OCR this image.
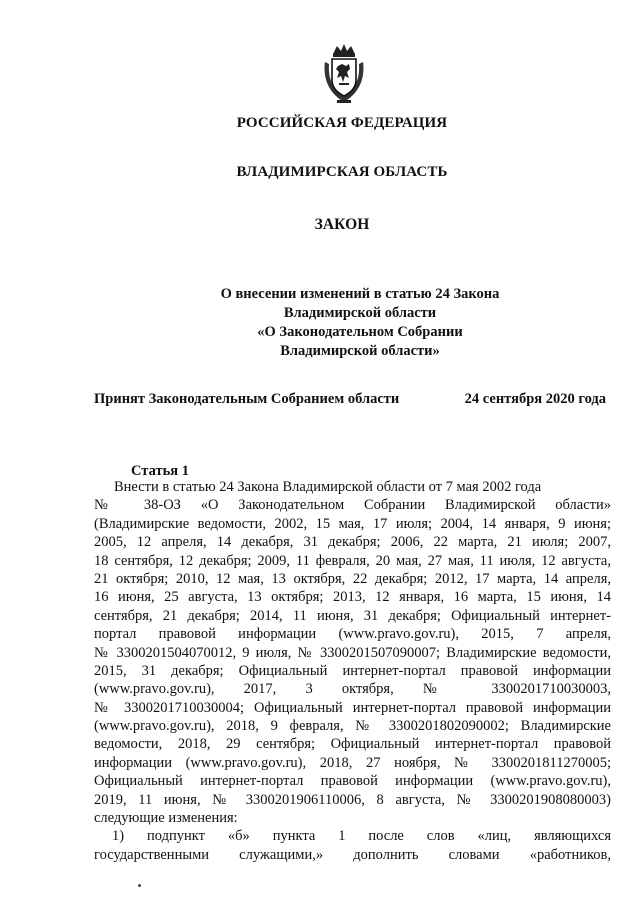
РОССИЙСКАЯ ФЕДЕРАЦИЯ
ВЛАДИМИРСКАЯ ОБЛАСТЬ
ЗАКОН
О внесении изменений в статью 24 Закона
Владимирской области
«О Законодательном Собрании
Владимирской области»
Принят Законодательным Собранием области	24 сентября 2020 года
Статья 1
Внести в статью 24 Закона Владимирской области от 7 мая 2002 года
№ 38-ОЗ «О Законодательном Собрании Владимирской области»
(Владимирские ведомости, 2002, 15 мая, 17 июля; 2004, 14 января, 9 июня;
2005, 12 апреля, 14 декабря, 31 декабря; 2006, 22 марта, 21 июля; 2007,
18 сентября, 12 декабря; 2009, 11 февраля, 20 мая, 27 мая, 11 июля, 12 августа,
21 октября; 2010, 12 мая, 13 октября, 22 декабря; 2012, 17 марта, 14 апреля,
16 июня, 25 августа, 13 октября; 2013, 12 января, 16 марта, 15 июня, 14
сентября, 21 декабря; 2014, 11 июня, 31 декабря; Официальный интернет-
портал правовой информации (www.pravo.gov.ru), 2015, 7 апреля,
№ 3300201504070012, 9 июля, № 3300201507090007; Владимирские ведомости,
2015, 31 декабря; Официальный интернет-портал правовой информации
(www.pravo.gov.ru), 2017, 3 октября, № 3300201710030003,
№ 3300201710030004; Официальный интернет-портал правовой информации
(www.pravo.gov.ru), 2018, 9 февраля, № 3300201802090002; Владимирские
ведомости, 2018, 29 сентября; Официальный интернет-портал правовой
информации (www.pravo.gov.ru), 2018, 27 ноября, № 3300201811270005;
Официальный интернет-портал правовой информации (www.pravo.gov.ru),
2019, 11 июня, № 3300201906110006, 8 августа, № 3300201908080003)
следующие изменения:
1) подпункт «б» пункта 1 после слов «лиц, являющихся
государственными служащими,» дополнить словами «работников,
